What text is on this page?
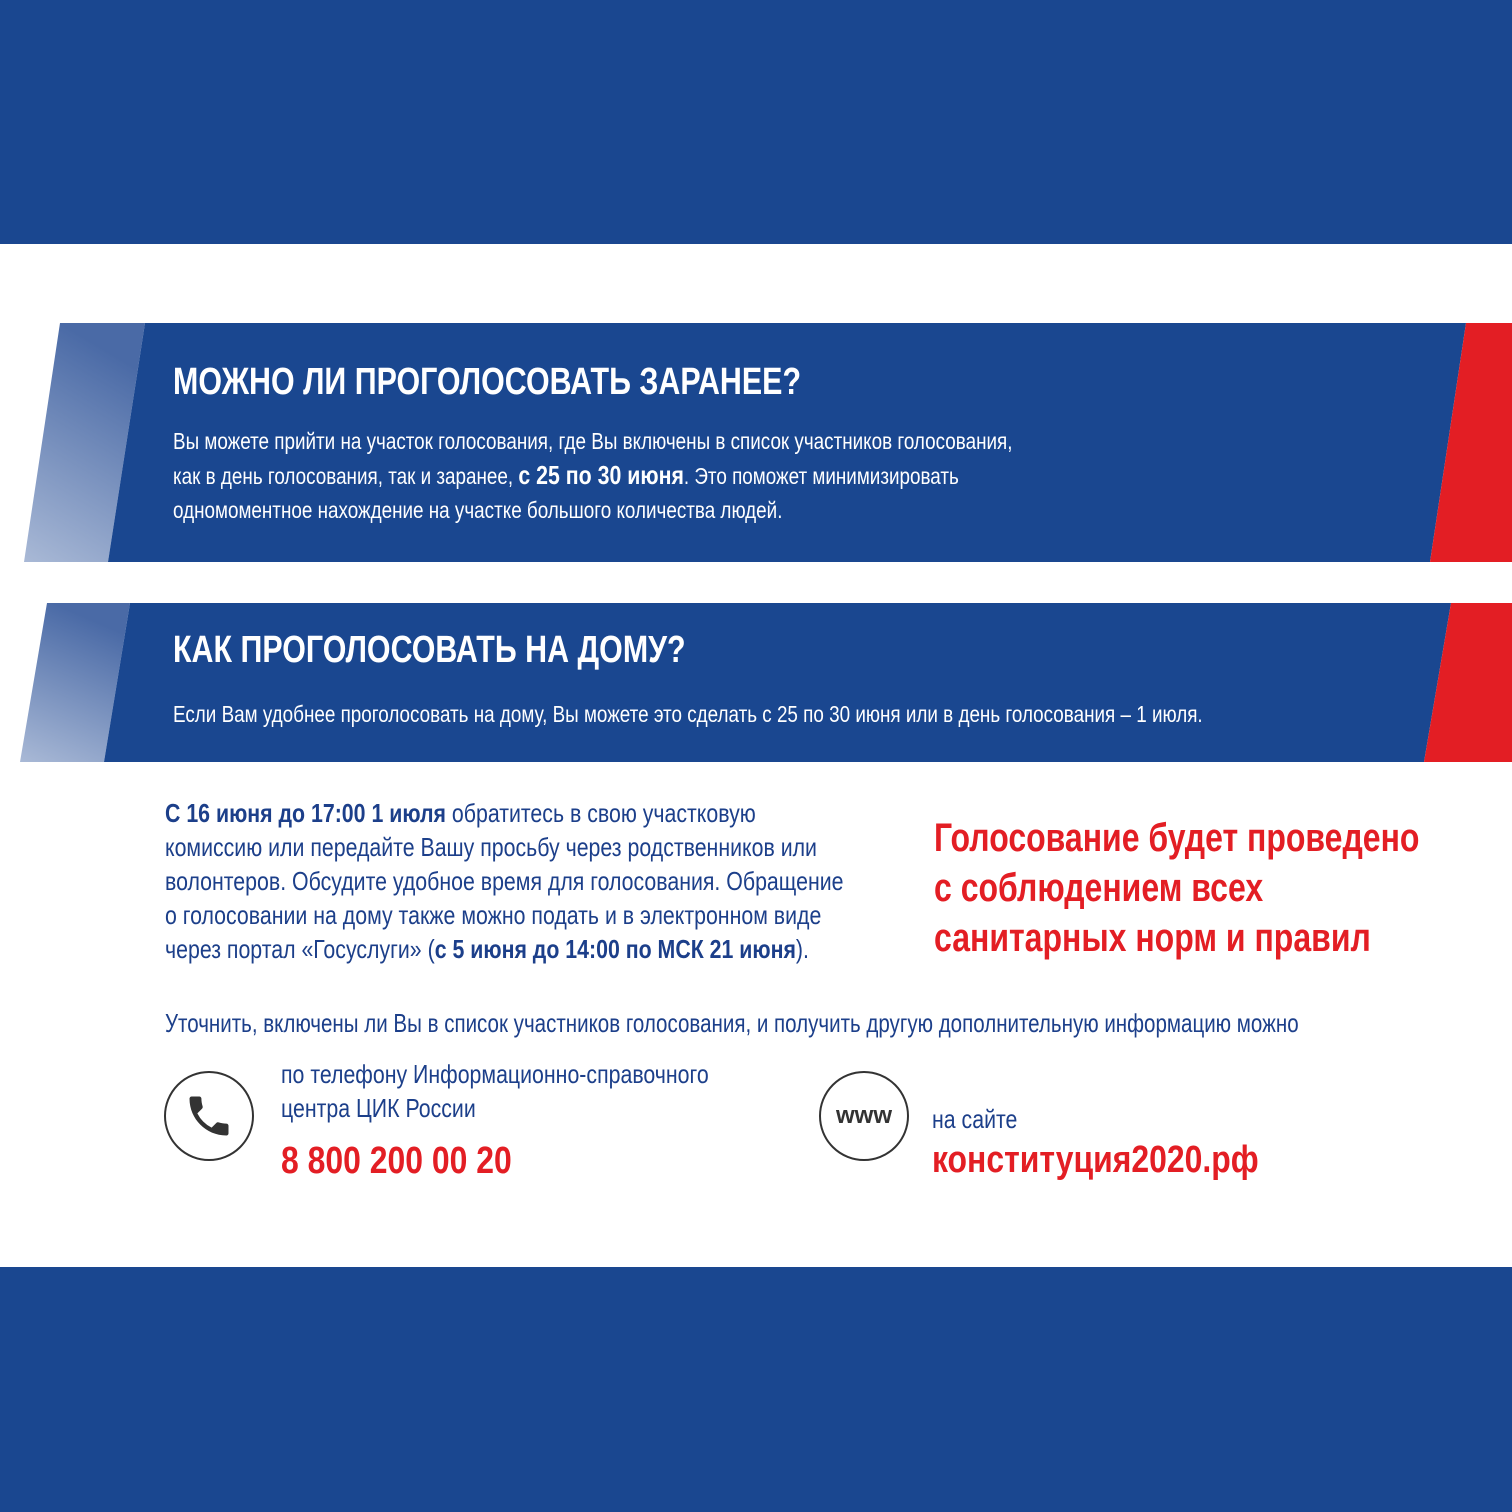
МОЖНО ЛИ ПРОГОЛОСОВАТЬ ЗАРАНЕЕ?

Вы можете прийти на участок голосования, где Вы включены в список участников голосования,
как в день голосования, так и заранее, с 25 по 30 июня. Это поможет минимизировать
одномоментное нахождение на участке большого количества людей.

КАК ПРОГОЛОСОВАТЬ НА ДОМУ?

Если Вам удобнее проголосовать на дому, Вы можете это сделать с 25 по 30 июня или в день голосования – 1 июля.

С 16 июня до 17:00 1 июля обратитесь в свою участковую
комиссию или передайте Вашу просьбу через родственников или
волонтеров. Обсудите удобное время для голосования. Обращение
о голосовании на дому также можно подать и в электронном виде
через портал «Госуслуги» (с 5 июня до 14:00 по МСК 21 июня).

Голосование будет проведено
с соблюдением всех
санитарных норм и правил

Уточнить, включены ли Вы в список участников голосования, и получить другую дополнительную информацию можно

по телефону Информационно-справочного
центра ЦИК России

8 800 200 00 20

www на сайте

конституция2020.рф
